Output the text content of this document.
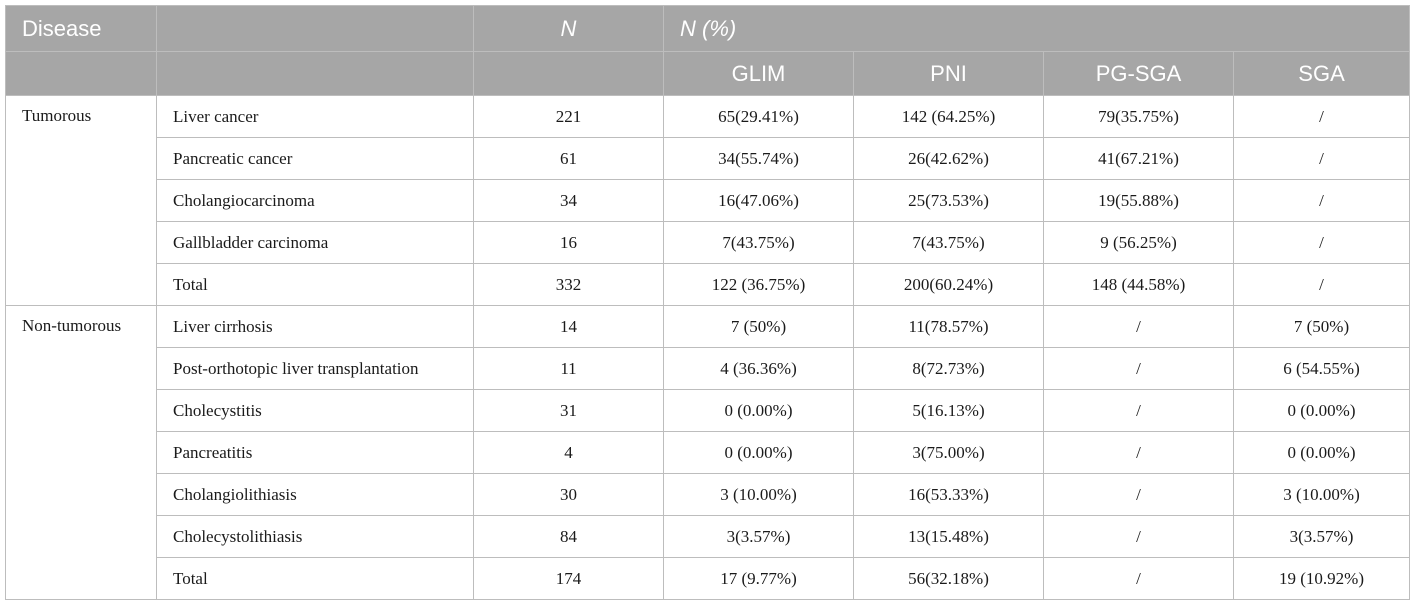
Disease		N	N (%)			
			GLIM	PNI	PG-SGA	SGA
Tumorous	Liver cancer	221	65(29.41%)	142 (64.25%)	79(35.75%)	/
	Pancreatic cancer	61	34(55.74%)	26(42.62%)	41(67.21%)	/
	Cholangiocarcinoma	34	16(47.06%)	25(73.53%)	19(55.88%)	/
	Gallbladder carcinoma	16	7(43.75%)	7(43.75%)	9 (56.25%)	/
	Total	332	122 (36.75%)	200(60.24%)	148 (44.58%)	/
Non-tumorous	Liver cirrhosis	14	7 (50%)	11(78.57%)	/	7 (50%)
	Post-orthotopic liver transplantation	11	4 (36.36%)	8(72.73%)	/	6 (54.55%)
	Cholecystitis	31	0 (0.00%)	5(16.13%)	/	0 (0.00%)
	Pancreatitis	4	0 (0.00%)	3(75.00%)	/	0 (0.00%)
	Cholangiolithiasis	30	3 (10.00%)	16(53.33%)	/	3 (10.00%)
	Cholecystolithiasis	84	3(3.57%)	13(15.48%)	/	3(3.57%)
	Total	174	17 (9.77%)	56(32.18%)	/	19 (10.92%)
